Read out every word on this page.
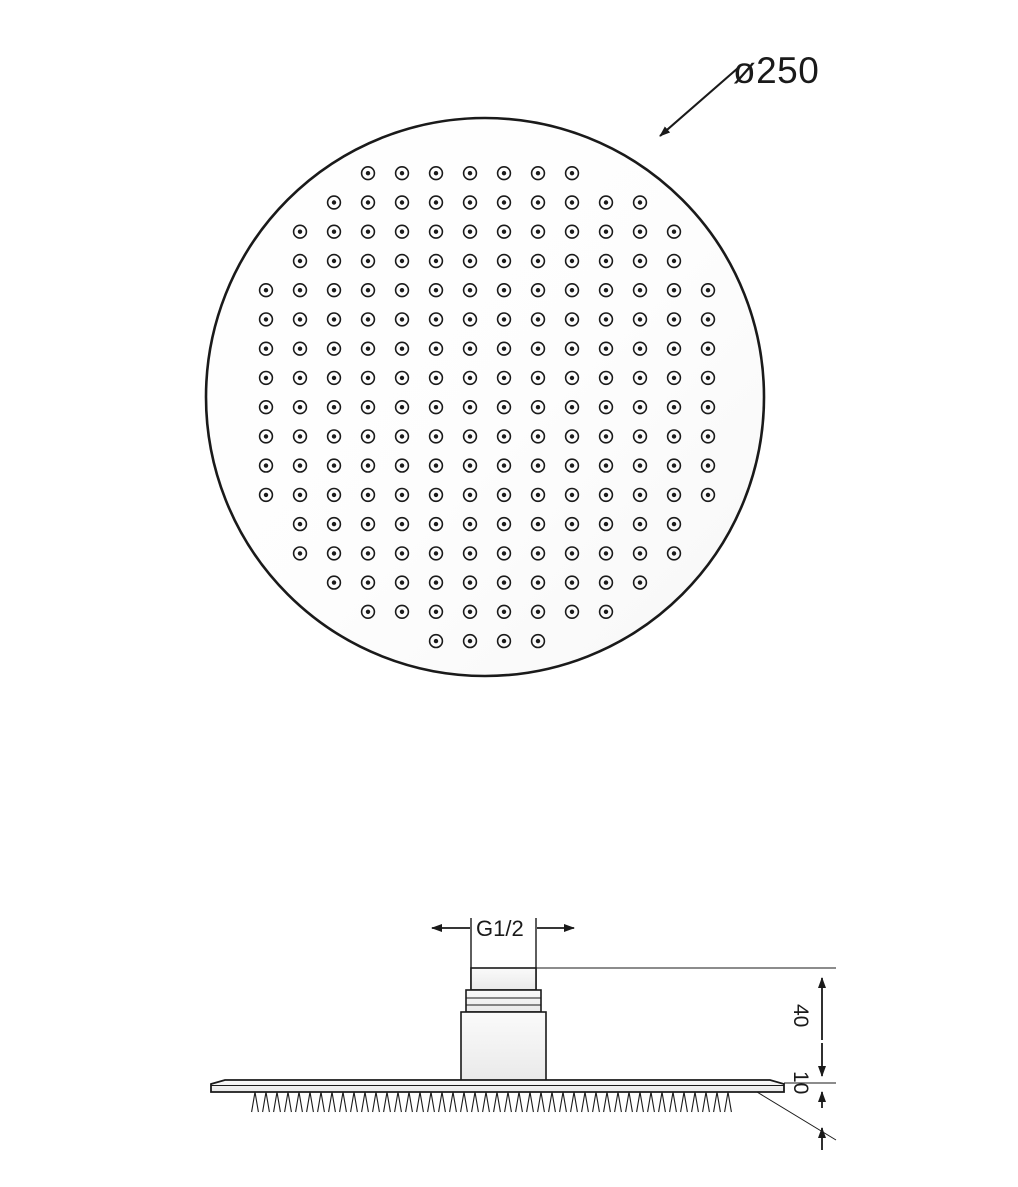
ø250
G1/2
40
10
